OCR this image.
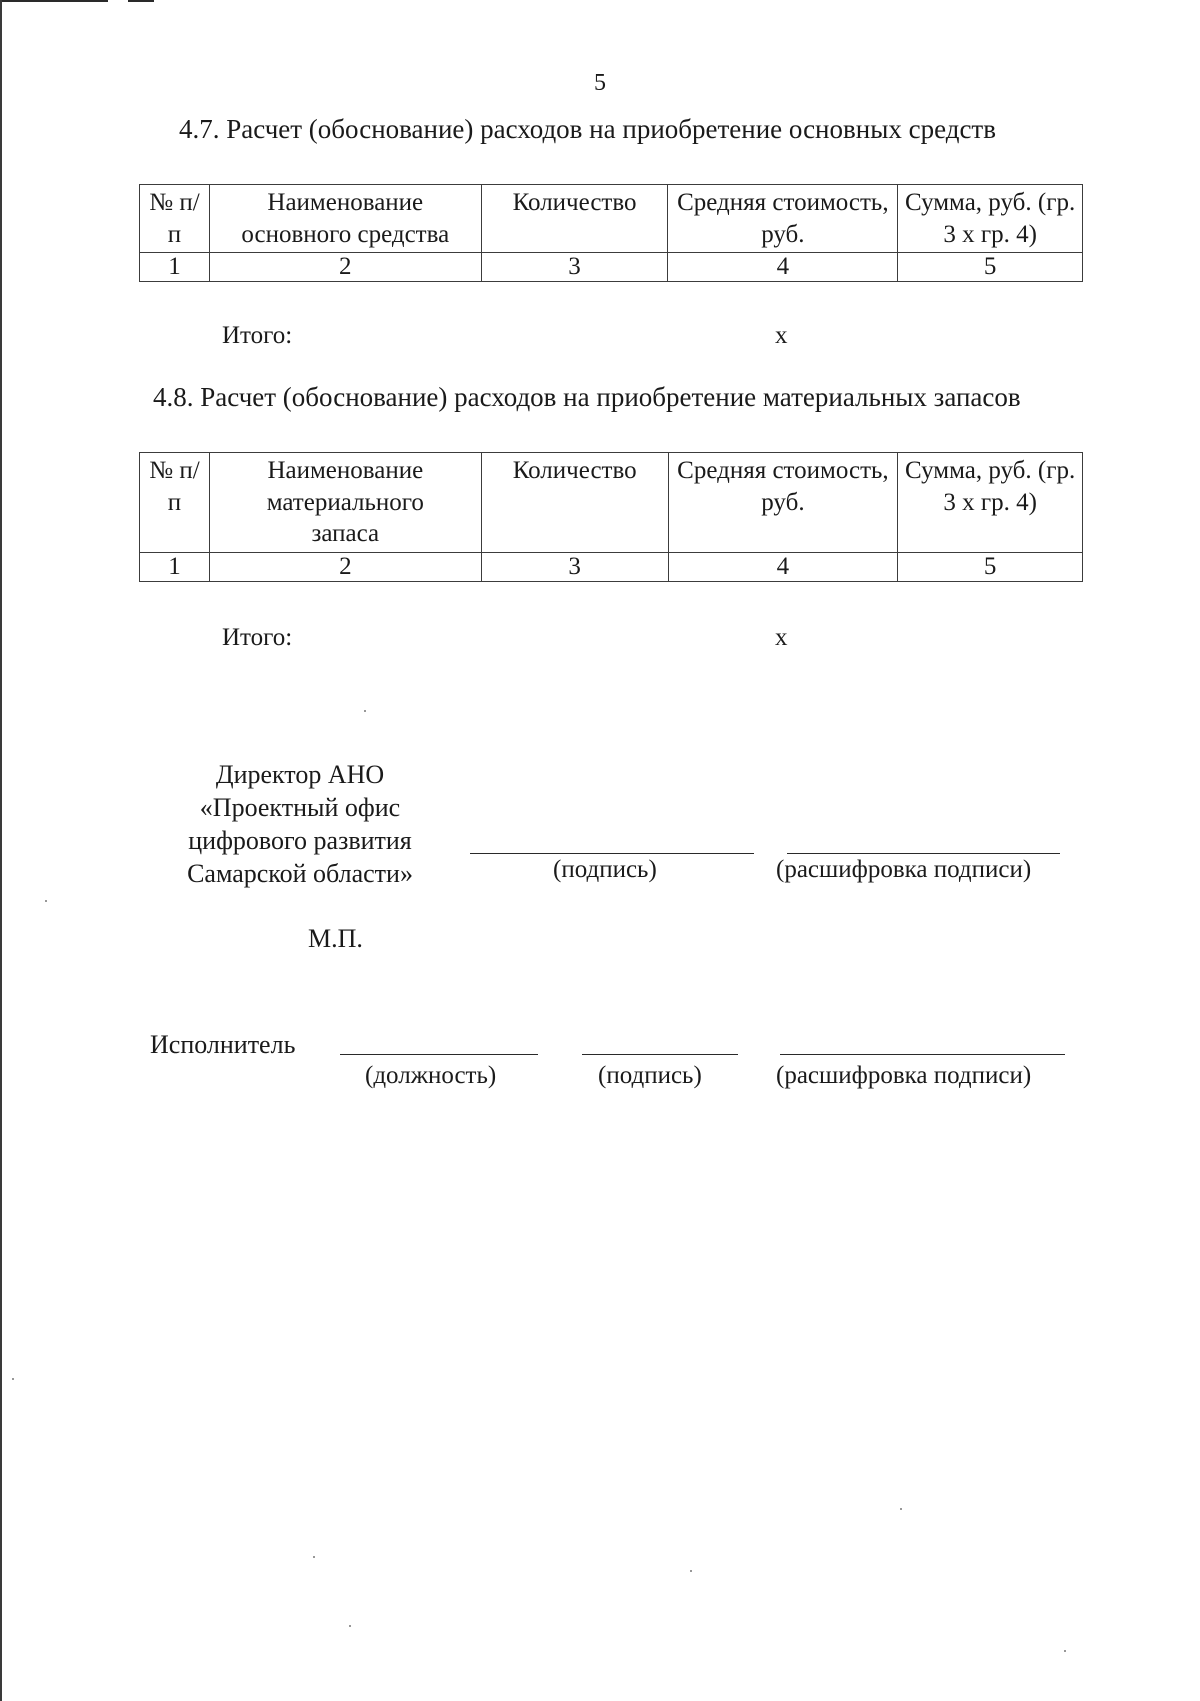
5
4.7. Расчет (обоснование) расходов на приобретение основных средств
№ п/п	Наименование основного средства	Количество	Средняя стоимость, руб.	Сумма, руб. (гр. 3 х гр. 4)
1	2	3	4	5
Итого:	х
4.8. Расчет (обоснование) расходов на приобретение материальных запасов
№ п/п	Наименование материального запаса	Количество	Средняя стоимость, руб.	Сумма, руб. (гр. 3 х гр. 4)
1	2	3	4	5
Итого:	х
Директор АНО
«Проектный офис
цифрового развития
Самарской области»	(подпись)	(расшифровка подписи)
М.П.
Исполнитель
(должность)	(подпись)	(расшифровка подписи)
